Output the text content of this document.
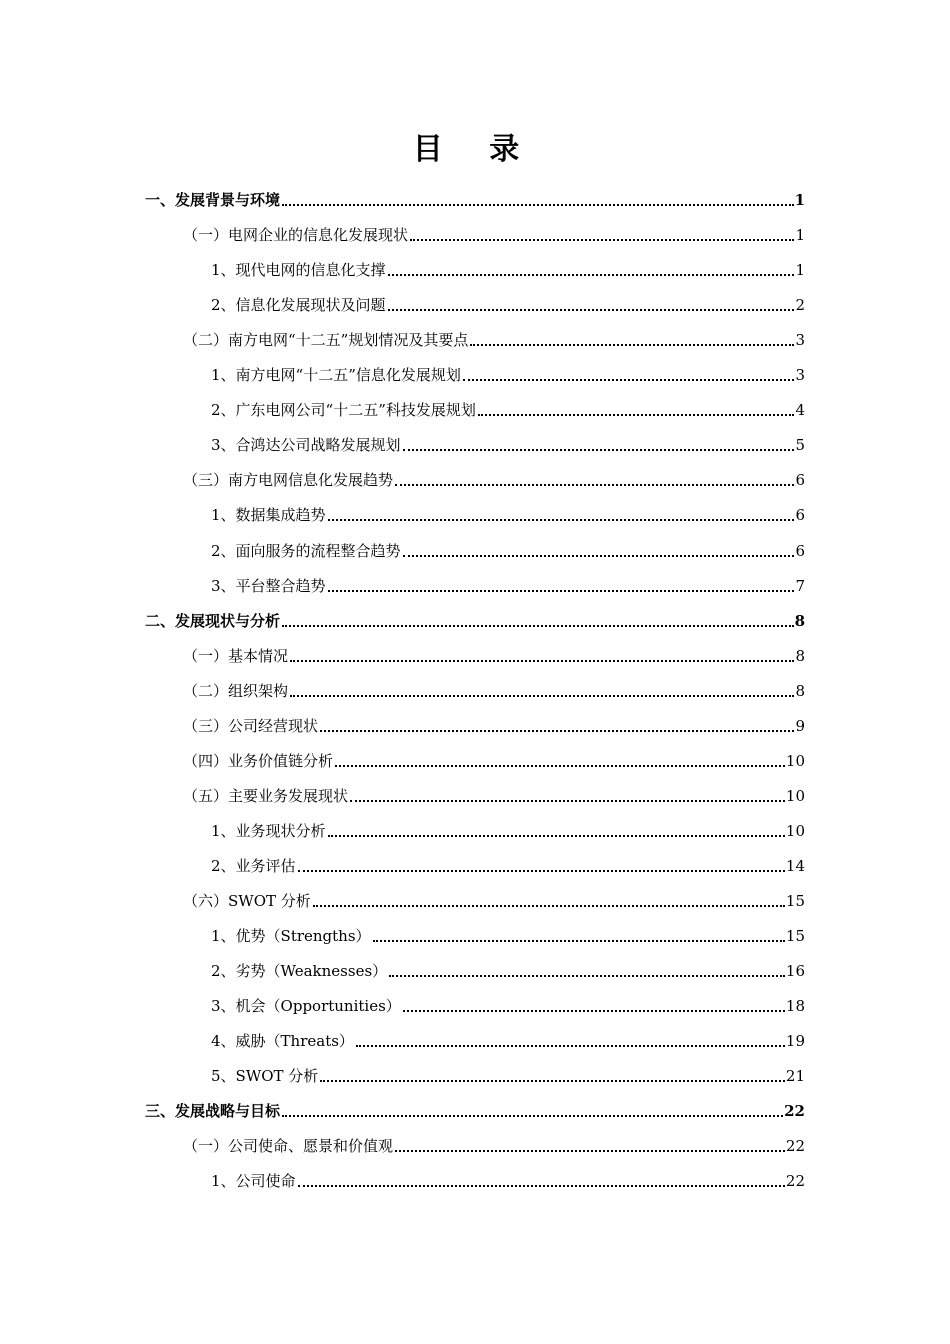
目 录
一、发展背景与环境	1
（一）电网企业的信息化发展现状	1
1、现代电网的信息化支撑	1
2、信息化发展现状及问题	2
（二）南方电网“十二五”规划情况及其要点	3
1、南方电网“十二五”信息化发展规划	3
2、广东电网公司“十二五”科技发展规划	4
3、合鸿达公司战略发展规划	5
（三）南方电网信息化发展趋势	6
1、数据集成趋势	6
2、面向服务的流程整合趋势	6
3、平台整合趋势	7
二、发展现状与分析	8
（一）基本情况	8
（二）组织架构	8
（三）公司经营现状	9
（四）业务价值链分析	10
（五）主要业务发展现状	10
1、业务现状分析	10
2、业务评估	14
（六）SWOT 分析	15
1、优势（Strengths）	15
2、劣势（Weaknesses）	16
3、机会（Opportunities）	18
4、威胁（Threats）	19
5、SWOT 分析	21
三、发展战略与目标	22
（一）公司使命、愿景和价值观	22
1、公司使命	22
